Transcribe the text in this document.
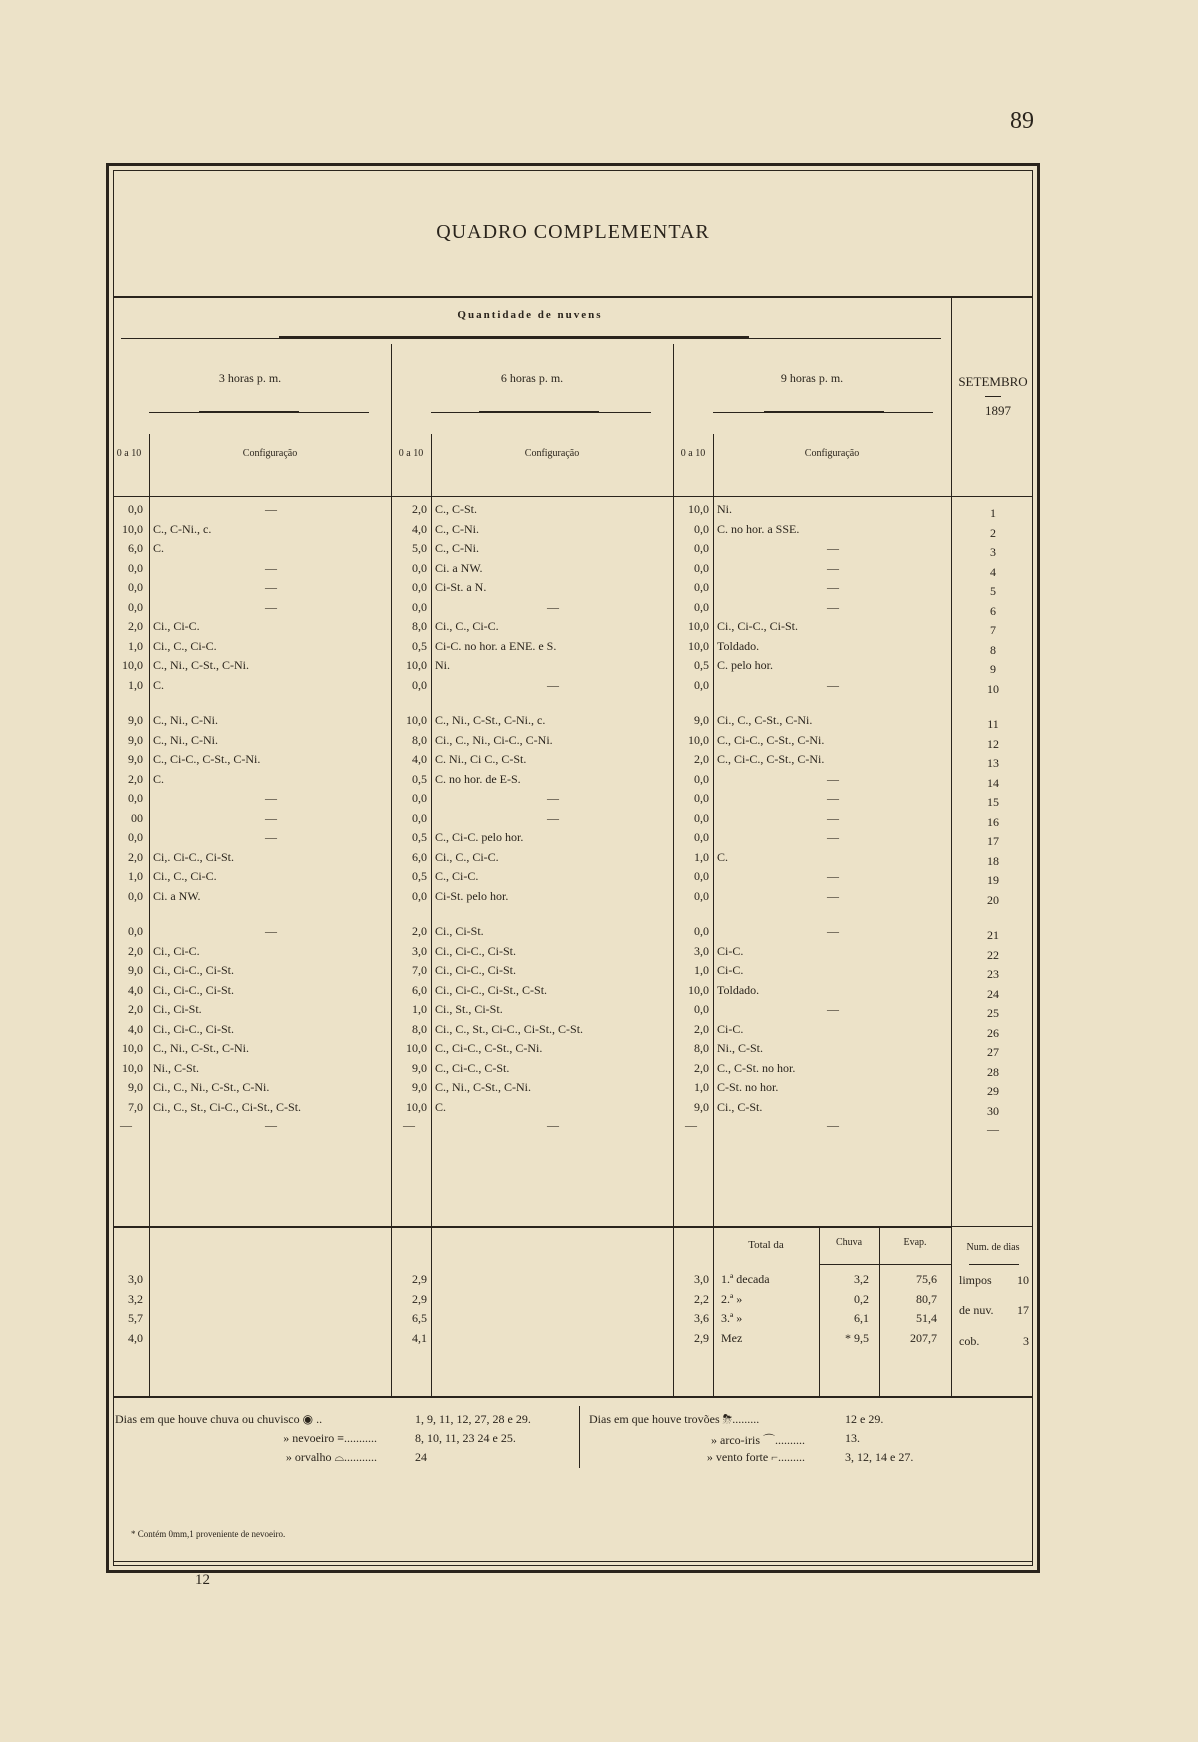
89
QUADRO COMPLEMENTAR
Quantidade de nuvens
3 horas p. m.	6 horas p. m.	9 horas p. m.	SETEMBRO
1897
0 a 10	Configuração	0 a 10	Configuração	0 a 10	Configuração
0,0	—	2,0 C., C-St.	10,0 Ni.	1
10,0 C., C-Ni., c.	4,0 C., C-Ni.	0,0 C. no hor. a SSE.	2
6,0 C.	5,0 C., C-Ni.	0,0	—	3
0,0	—	0,0 Ci. a NW.	0,0	—	4
0,0	—	0,0 Ci-St. a N.	0,0	—	5
0,0	—	0,0	—	0,0	—	6
2,0 Ci., Ci-C.	8,0 Ci., C., Ci-C.	10,0 Ci., Ci-C., Ci-St.	7
1,0 Ci., C., Ci-C.	0,5 Ci-C. no hor. a ENE. e S.	10,0 Toldado.	8
10,0 C., Ni., C-St., C-Ni.	10,0 Ni.	0,5 C. pelo hor.	9
1,0 C.	0,0	—	0,0	—	10
9,0 C., Ni., C-Ni.	10,0 C., Ni., C-St., C-Ni., c.	9,0 Ci., C., C-St., C-Ni.	11
9,0 C., Ni., C-Ni.	8,0 Ci., C., Ni., Ci-C., C-Ni.	10,0 C., Ci-C., C-St., C-Ni.	12
9,0 C., Ci-C., C-St., C-Ni.	4,0 C. Ni., Ci C., C-St.	2,0 C., Ci-C., C-St., C-Ni.	13
2,0 C.	0,5 C. no hor. de E-S.	0,0	—	14
0,0	—	0,0	—	0,0	—	15
00	—	0,0	—	0,0	—	16
0,0	—	0,5 C., Ci-C. pelo hor.	0,0	—	17
2,0 Ci,. Ci-C., Ci-St.	6,0 Ci., C., Ci-C.	1,0 C.	18
1,0 Ci., C., Ci-C.	0,5 C., Ci-C.	0,0	—	19
0,0 Ci. a NW.	0,0 Ci-St. pelo hor.	0,0	—	20
0,0	—	2,0 Ci., Ci-St.	0,0	—	21
2,0 Ci., Ci-C.	3,0 Ci., Ci-C., Ci-St.	3,0 Ci-C.	22
9,0 Ci., Ci-C., Ci-St.	7,0 Ci., Ci-C., Ci-St.	1,0 Ci-C.	23
4,0 Ci., Ci-C., Ci-St.	6,0 Ci., Ci-C., Ci-St., C-St.	10,0 Toldado.	24
2,0 Ci., Ci-St.	1,0 Ci., St., Ci-St.	0,0	—	25
4,0 Ci., Ci-C., Ci-St.	8,0 Ci., C., St., Ci-C., Ci-St., C-St.	2,0 Ci-C.	26
10,0 C., Ni., C-St., C-Ni.	10,0 C., Ci-C., C-St., C-Ni.	8,0 Ni., C-St.	27
10,0 Ni., C-St.	9,0 C., Ci-C., C-St.	2,0 C., C-St. no hor.	28
9,0 Ci., C., Ni., C-St., C-Ni.	9,0 C., Ni., C-St., C-Ni.	1,0 C-St. no hor.	29
7,0 Ci., C., St., Ci-C., Ci-St., C-St.	10,0 C.	9,0 Ci., C-St.	30
—	—	—	—	—	—	—
Total da	Chuva	Evap.	Num. de dias
3,0	2,9	3,0 1.ª decada	3,2	75,6
3,2	2,9	2,2 2.ª »	0,2	80,7
5,7	6,5	3,6 3.ª »	6,1	51,4
4,0	4,1	2,9 Mez	* 9,5	207,7
limpos	10
de nuv.	17
cob.	3
Dias em que houve chuva ou chuvisco ◉ ..	1, 9, 11, 12, 27, 28 e 29.
» nevoeiro ≡...........	8, 10, 11, 23 24 e 25.
» orvalho ⌓...........	24
Dias em que houve trovões ⛈.........	12 e 29.
» arco-iris ⌒..........	13.
» vento forte ⌐.........	3, 12, 14 e 27.
* Contém 0mm,1 proveniente de nevoeiro.
12
